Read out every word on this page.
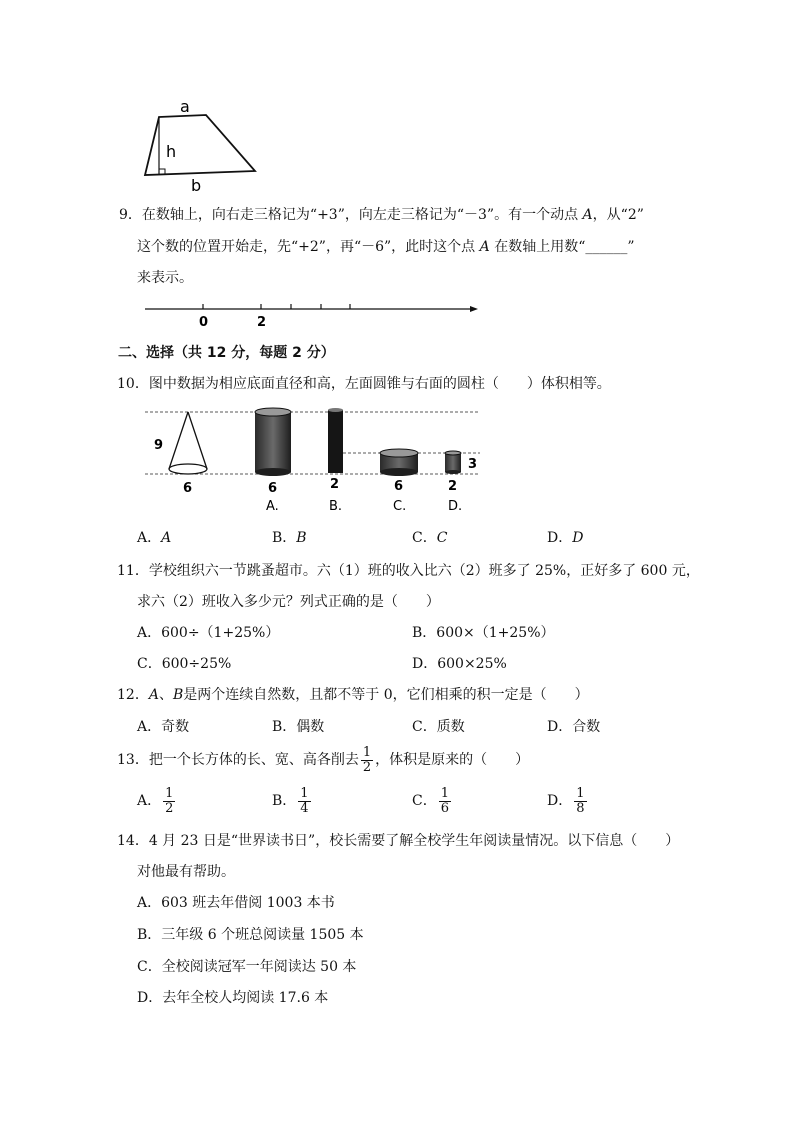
a
h
b
9．在数轴上，向右走三格记为“+3”，向左走三格记为“－3”。有一个动点 A，从“2”
这个数的位置开始走，先“+2”，再“－6”，此时这个点 A 在数轴上用数“______”
来表示。
0	2
二、选择（共 12 分，每题 2 分）
10．图中数据为相应底面直径和高，左面圆锥与右面的圆柱（　　）体积相等。
9
6	6
A.
2
B.
6
C.
2
D.
3
A．A	B．B	C．C	D．D
11．学校组织六一节跳蚤超市。六（1）班的收入比六（2）班多了 25%，正好多了 600 元，
求六（2）班收入多少元？列式正确的是（　　）
A．600÷（1+25%）	B．600×（1+25%）
C．600÷25%	D．600×25%
12．A、B是两个连续自然数，且都不等于 0，它们相乘的积一定是（　　）
A．奇数	B．偶数	C．质数	D．合数
13．把一个长方体的长、宽、高各削去 $\frac{1}{2}$ ，体积是原来的（　　）
A． $\frac{1}{2}$	B． $\frac{1}{4}$	C． $\frac{1}{6}$	D． $\frac{1}{8}$
14．4 月 23 日是“世界读书日”，校长需要了解全校学生年阅读量情况。以下信息（　　）
对他最有帮助。
A．603 班去年借阅 1003 本书
B．三年级 6 个班总阅读量 1505 本
C．全校阅读冠军一年阅读达 50 本
D．去年全校人均阅读 17.6 本
